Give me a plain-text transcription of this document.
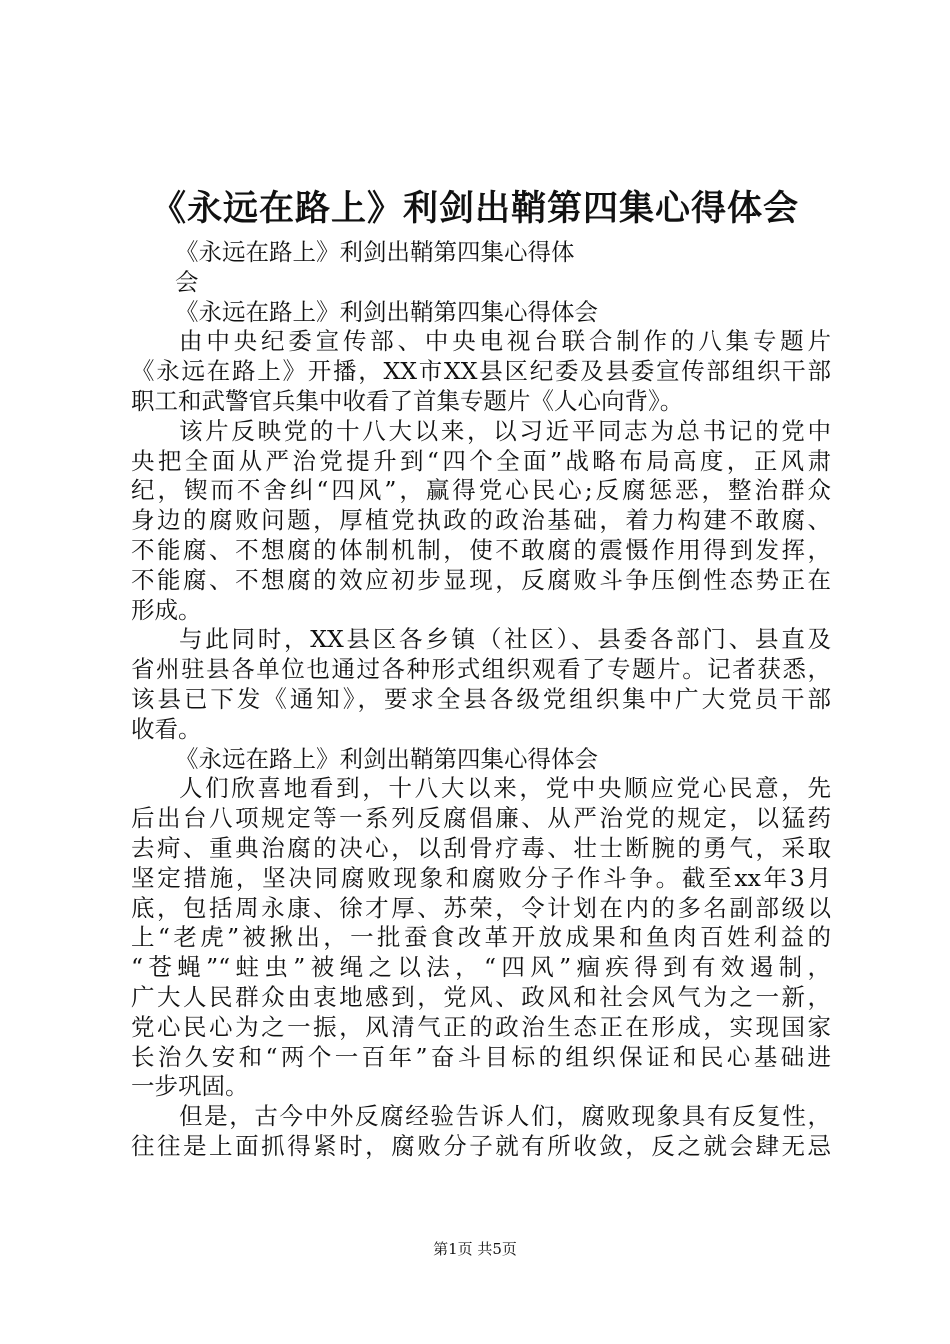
《永远在路上》利剑出鞘第四集心得体会
《永远在路上》利剑出鞘第四集心得体
会
《永远在路上》利剑出鞘第四集心得体会
由中央纪委宣传部、中央电视台联合制作的八集专题片
《永远在路上》开播，XX市XX县区纪委及县委宣传部组织干部
职工和武警官兵集中收看了首集专题片《人心向背》。
该片反映党的十八大以来，以习近平同志为总书记的党中
央把全面从严治党提升到“四个全面”战略布局高度，正风肃
纪，锲而不舍纠“四风”，赢得党心民心;反腐惩恶，整治群众
身边的腐败问题，厚植党执政的政治基础，着力构建不敢腐、
不能腐、不想腐的体制机制，使不敢腐的震慑作用得到发挥，
不能腐、不想腐的效应初步显现，反腐败斗争压倒性态势正在
形成。
与此同时，XX县区各乡镇（社区）、县委各部门、县直及
省州驻县各单位也通过各种形式组织观看了专题片。记者获悉，
该县已下发《通知》，要求全县各级党组织集中广大党员干部
收看。
《永远在路上》利剑出鞘第四集心得体会
人们欣喜地看到，十八大以来，党中央顺应党心民意，先
后出台八项规定等一系列反腐倡廉、从严治党的规定，以猛药
去疴、重典治腐的决心，以刮骨疗毒、壮士断腕的勇气，采取
坚定措施，坚决同腐败现象和腐败分子作斗争。截至xx年3月
底，包括周永康、徐才厚、苏荣，令计划在内的多名副部级以
上“老虎”被揪出，一批蚕食改革开放成果和鱼肉百姓利益的
“苍蝇”“蛀虫”被绳之以法，“四风”痼疾得到有效遏制，
广大人民群众由衷地感到，党风、政风和社会风气为之一新，
党心民心为之一振，风清气正的政治生态正在形成，实现国家
长治久安和“两个一百年”奋斗目标的组织保证和民心基础进
一步巩固。
但是，古今中外反腐经验告诉人们，腐败现象具有反复性，
往往是上面抓得紧时，腐败分子就有所收敛，反之就会肆无忌
第1页 共5页
